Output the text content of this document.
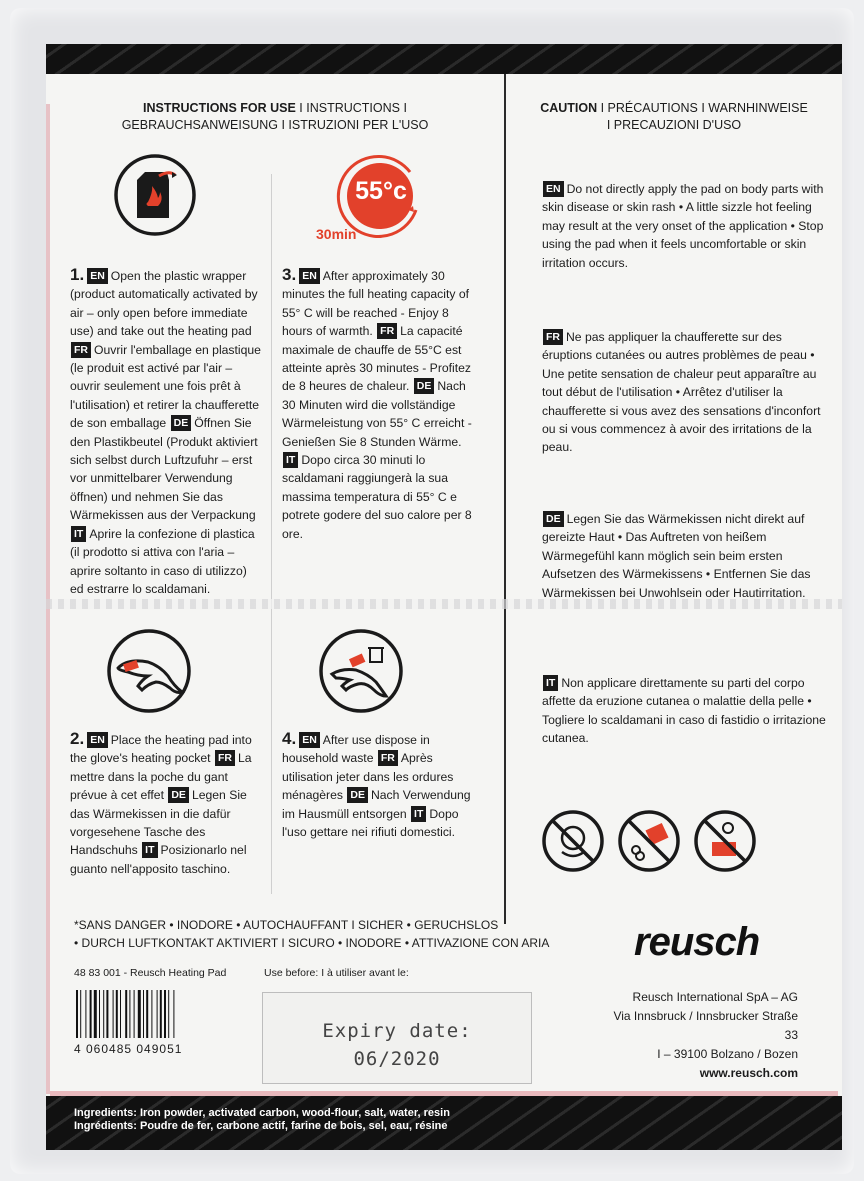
INSTRUCTIONS FOR USE I INSTRUCTIONS I
GEBRAUCHSANWEISUNG I ISTRUZIONI PER L'USO
CAUTION I PRÉCAUTIONS I WARNHINWEISE
I PRECAUZIONI D'USO
55°c
30min
1. EN Open the plastic wrapper (product automatically activated by air – only open before immediate use) and take out the heating pad FR Ouvrir l'emballage en plastique (le produit est activé par l'air – ouvrir seulement une fois prêt à l'utilisation) et retirer la chaufferette de son emballage DE Öffnen Sie den Plastikbeutel (Produkt aktiviert sich selbst durch Luftzufuhr – erst vor unmittelbarer Verwendung öffnen) und nehmen Sie das Wärmekissen aus der Verpackung IT Aprire la confezione di plastica (il prodotto si attiva con l'aria – aprire soltanto in caso di utilizzo) ed estrarre lo scaldamani.
3. EN After approximately 30 minutes the full heating capacity of 55° C will be reached - Enjoy 8 hours of warmth. FR La capacité maximale de chauffe de 55°C est atteinte après 30 minutes - Profitez de 8 heures de chaleur. DE Nach 30 Minuten wird die vollständige Wärmeleistung von 55° C erreicht - Genießen Sie 8 Stunden Wärme. IT Dopo circa 30 minuti lo scaldamani raggiungerà la sua massima temperatura di 55° C e potrete godere del suo calore per 8 ore.
2. EN Place the heating pad into the glove's heating pocket FR La mettre dans la poche du gant prévue à cet effet DE Legen Sie das Wärmekissen in die dafür vorgesehene Tasche des Handschuhs IT Posizionarlo nel guanto nell'apposito taschino.
4. EN After use dispose in household waste FR Après utilisation jeter dans les ordures ménagères DE Nach Verwendung im Hausmüll entsorgen IT Dopo l'uso gettare nei rifiuti domestici.
EN Do not directly apply the pad on body parts with skin disease or skin rash • A little sizzle hot feeling may result at the very onset of the application • Stop using the pad when it feels uncomfortable or skin irritation occurs.
FR Ne pas appliquer la chaufferette sur des éruptions cutanées ou autres problèmes de peau • Une petite sensation de chaleur peut apparaître au tout début de l'utilisation • Arrêtez d'utiliser la chaufferette si vous avez des sensations d'inconfort ou si vous commencez à avoir des irritations de la peau.
DE Legen Sie das Wärmekissen nicht direkt auf gereizte Haut • Das Auftreten von heißem Wärmegefühl kann möglich sein beim ersten Aufsetzen des Wärmekissens • Entfernen Sie das Wärmekissen bei Unwohlsein oder Hautirritation.
IT Non applicare direttamente su parti del corpo affette da eruzione cutanea o malattie della pelle • Togliere lo scaldamani in caso di fastidio o irritazione cutanea.
*SANS DANGER • INODORE • AUTOCHAUFFANT I SICHER • GERUCHSLOS
• DURCH LUFTKONTAKT AKTIVIERT I SICURO • INODORE • ATTIVAZIONE CON ARIA reusch
48 83 001 - Reusch Heating Pad	Use before: I à utiliser avant le:
4 060485 049051
Expiry date:
06/2020
Reusch International SpA – AG
Via Innsbruck / Innsbrucker Straße 33
I – 39100 Bolzano / Bozen
www.reusch.com
Ingredients: Iron powder, activated carbon, wood-flour, salt, water, resin
Ingrédients: Poudre de fer, carbone actif, farine de bois, sel, eau, résine
